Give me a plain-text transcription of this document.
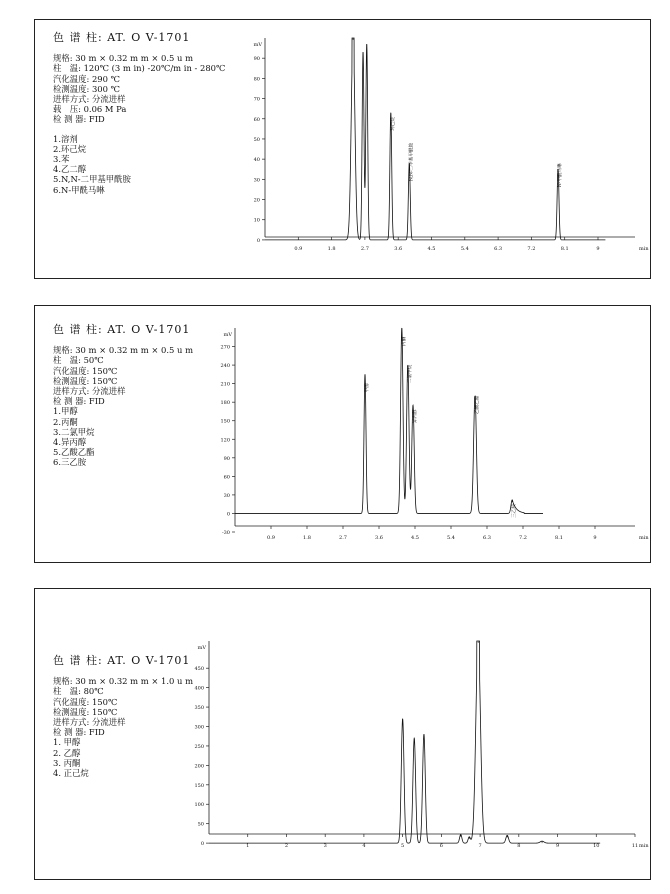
色 谱 柱: AT. O V-1701
规格: 30 m × 0.32 m m × 0.5 u m
柱　温: 120℃ (3 m in) -20℃/m in - 280℃
汽化温度: 290 ℃
检测温度: 300 ℃
进样方式: 分流进样
载　压: 0.06 M Pa
检 测 器: FID
1.溶剂
2.环己烷
3.苯
4.乙二醇
5.N,N-二甲基甲酰胺
6.N-甲酰马啉
0
10
20
30
40
50
60
70
80
90
mV
0.9	1.8	2.7	3.6	4.5	5.4	6.3	7.2	8.1	9	min
环己烷
N,N-二甲基甲酰胺	N-甲酰马啉
色 谱 柱: AT. O V-1701
规格: 30 m × 0.32 m m × 0.5 u m
柱　温: 50℃
汽化温度: 150℃
检测温度: 150℃
进样方式: 分流进样
检 测 器: FID
1.甲醇
2.丙酮
3.二氯甲烷
4.异丙醇
5.乙酸乙酯
6.三乙胺
-30
0
30
60
90
120
150
180
210
240
270
mV
0.9	1.8	2.7	3.6	4.5	5.4	6.3	7.2	8.1	9	min
甲醇
丙酮
二氯甲烷
异丙醇
乙酸乙酯
三乙胺
色 谱 柱: AT. O V-1701
规格: 30 m × 0.32 m m × 1.0 u m
柱　温: 80℃
汽化温度: 150℃
检测温度: 150℃
进样方式: 分流进样
检 测 器: FID
1. 甲醇
2. 乙醇
3. 丙酮
4. 正己烷
0
50
100
150
200
250
300
350
400
450
mV
1	2	3	4	5	6	7	8	9	10	11 min
